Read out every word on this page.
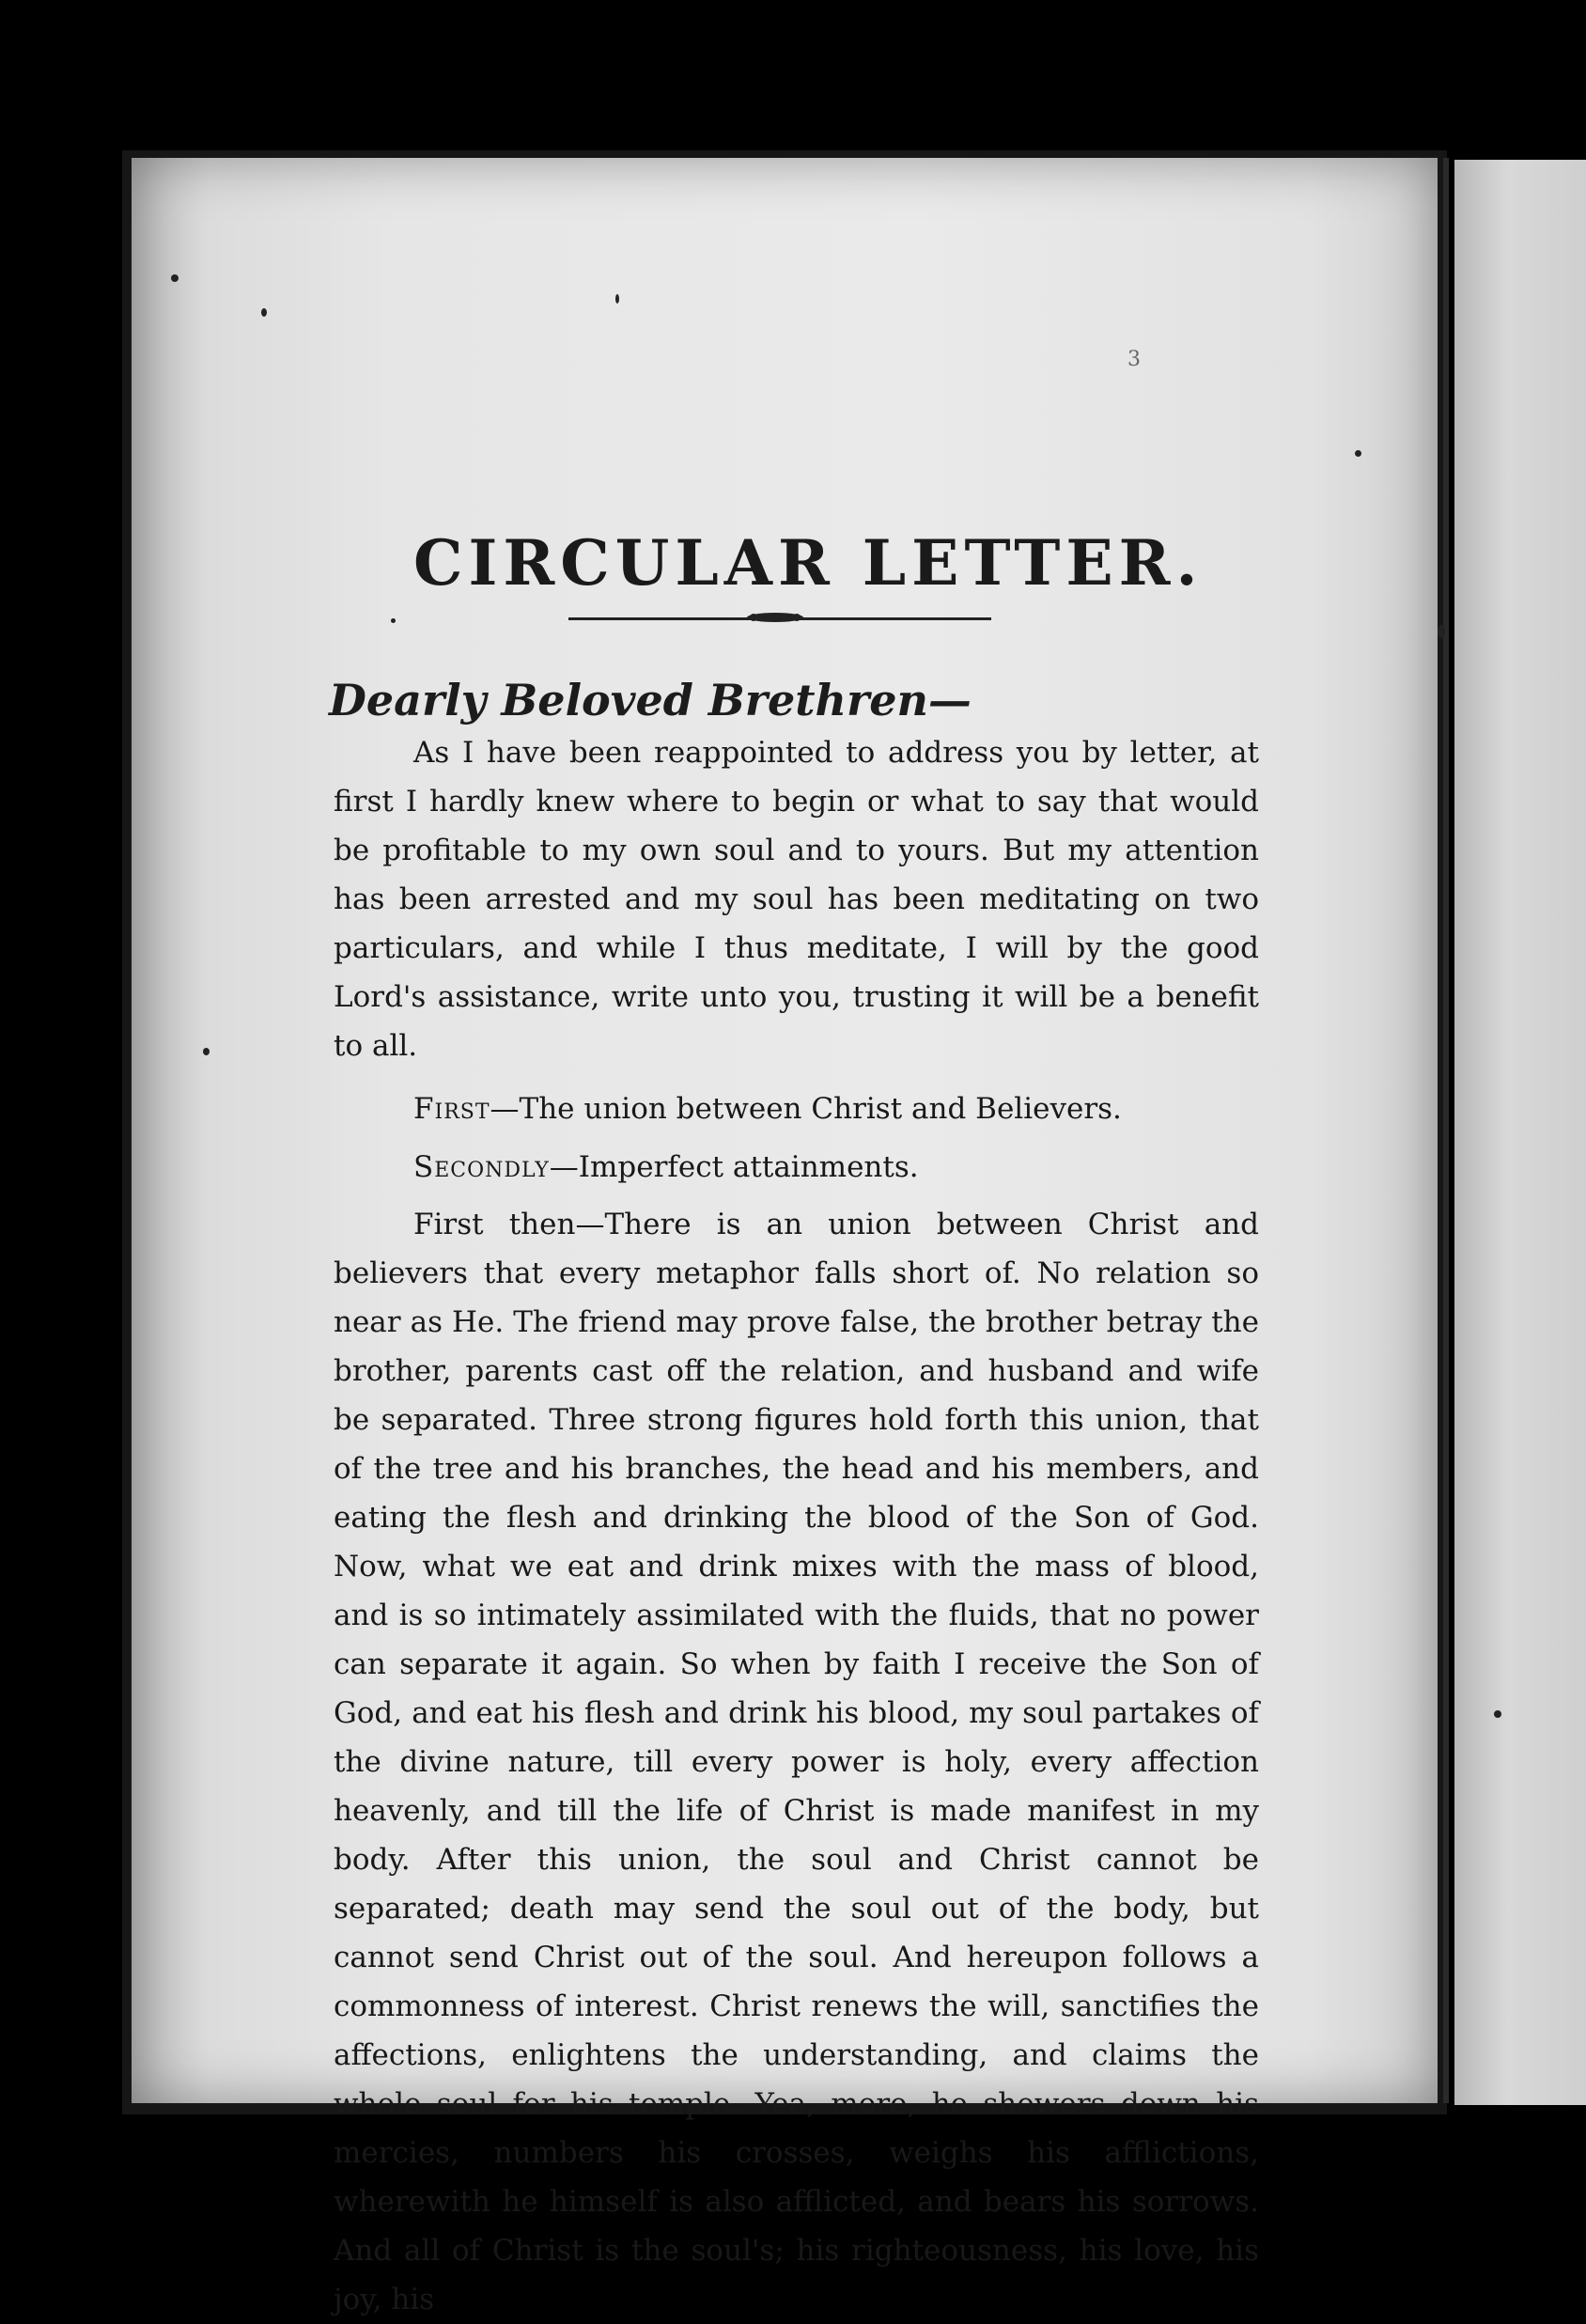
3
CIRCULAR LETTER.
Dearly Beloved Brethren—

As I have been reappointed to address you by letter, at first I hardly knew where to begin or what to say that would be profitable to my own soul and to yours. But my attention has been arrested and my soul has been meditating on two particulars, and while I thus meditate, I will by the good Lord's assistance, write unto you, trusting it will be a benefit to all.

First—The union between Christ and Believers.

Secondly—Imperfect attainments.

First then—There is an union between Christ and believers that every metaphor falls short of. No relation so near as He. The friend may prove false, the brother betray the brother, parents cast off the relation, and husband and wife be separated. Three strong figures hold forth this union, that of the tree and his branches, the head and his members, and eating the flesh and drinking the blood of the Son of God. Now, what we eat and drink mixes with the mass of blood, and is so intimately assimilated with the fluids, that no power can separate it again. So when by faith I receive the Son of God, and eat his flesh and drink his blood, my soul partakes of the divine nature, till every power is holy, every affection heavenly, and till the life of Christ is made manifest in my body. After this union, the soul and Christ cannot be separated; death may send the soul out of the body, but cannot send Christ out of the soul. And hereupon follows a commonness of interest. Christ renews the will, sanctifies the affections, enlightens the understanding, and claims the whole soul for his temple. Yea, more, he showers down his mercies, numbers his crosses, weighs his afflictions, wherewith he himself is also afflicted, and bears his sorrows. And all of Christ is the soul's; his righteousness, his love, his joy, his
